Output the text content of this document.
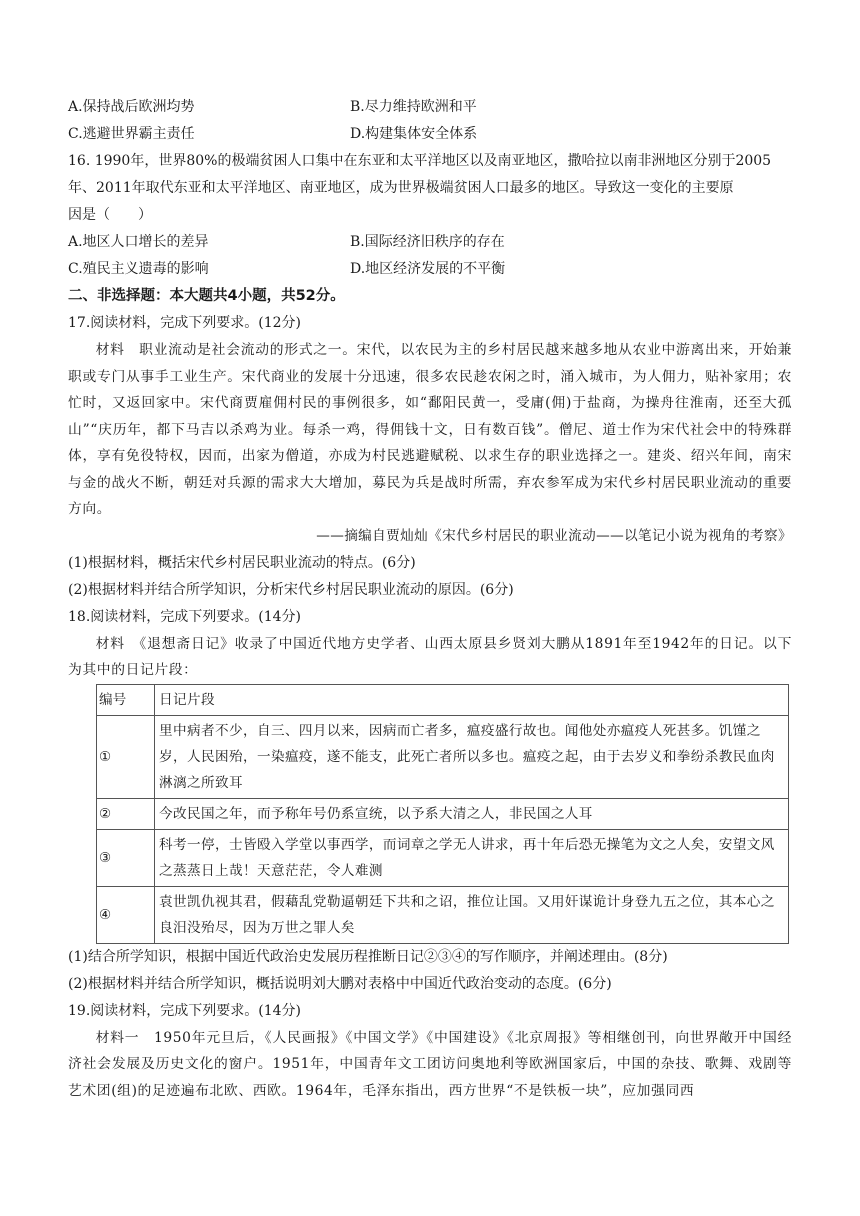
A.保持战后欧洲均势	B.尽力维持欧洲和平
C.逃避世界霸主责任	D.构建集体安全体系
16. 1990年，世界80%的极端贫困人口集中在东亚和太平洋地区以及南亚地区，撒哈拉以南非洲地区分别于2005
年、2011年取代东亚和太平洋地区、南亚地区，成为世界极端贫困人口最多的地区。导致这一变化的主要原
因是（　　）
A.地区人口增长的差异	B.国际经济旧秩序的存在
C.殖民主义遗毒的影响	D.地区经济发展的不平衡
二、非选择题：本大题共4小题，共52分。
17.阅读材料，完成下列要求。(12分)
材料　职业流动是社会流动的形式之一。宋代，以农民为主的乡村居民越来越多地从农业中游离出来，开始兼职或专门从事手工业生产。宋代商业的发展十分迅速，很多农民趁农闲之时，涌入城市，为人佣力，贴补家用；农忙时，又返回家中。宋代商贾雇佣村民的事例很多，如“鄱阳民黄一，受庸(佣)于盐商，为操舟往淮南，还至大孤山”“庆历年，都下马吉以杀鸡为业。每杀一鸡，得佣钱十文，日有数百钱”。僧尼、道士作为宋代社会中的特殊群体，享有免役特权，因而，出家为僧道，亦成为村民逃避赋税、以求生存的职业选择之一。建炎、绍兴年间，南宋与金的战火不断，朝廷对兵源的需求大大增加，募民为兵是战时所需，弃农参军成为宋代乡村居民职业流动的重要方向。
——摘编自贾灿灿《宋代乡村居民的职业流动——以笔记小说为视角的考察》
(1)根据材料，概括宋代乡村居民职业流动的特点。(6分)
(2)根据材料并结合所学知识，分析宋代乡村居民职业流动的原因。(6分)
18.阅读材料，完成下列要求。(14分)
材料　《退想斋日记》收录了中国近代地方史学者、山西太原县乡贤刘大鹏从1891年至1942年的日记。以下为其中的日记片段：
编号	日记片段
①	里中病者不少，自三、四月以来，因病而亡者多，瘟疫盛行故也。闻他处亦瘟疫人死甚多。饥馑之岁，人民困殆，一染瘟疫，遂不能支，此死亡者所以多也。瘟疫之起，由于去岁义和拳纷杀教民血肉淋漓之所致耳
②	今改民国之年，而予称年号仍系宣统，以予系大清之人，非民国之人耳
③	科考一停，士皆殴入学堂以事西学，而词章之学无人讲求，再十年后恐无操笔为文之人矣，安望文风之蒸蒸日上哉！天意茫茫，令人难测
④	袁世凯仇视其君，假藉乱党勒逼朝廷下共和之诏，推位让国。又用奸谋诡计身登九五之位，其本心之良汨没殆尽，因为万世之罪人矣
(1)结合所学知识，根据中国近代政治史发展历程推断日记②③④的写作顺序，并阐述理由。(8分)
(2)根据材料并结合所学知识，概括说明刘大鹏对表格中中国近代政治变动的态度。(6分)
19.阅读材料，完成下列要求。(14分)
材料一　1950年元旦后，《人民画报》《中国文学》《中国建设》《北京周报》等相继创刊，向世界敞开中国经济社会发展及历史文化的窗户。1951年，中国青年文工团访问奥地利等欧洲国家后，中国的杂技、歌舞、戏剧等艺术团(组)的足迹遍布北欧、西欧。1964年，毛泽东指出，西方世界“不是铁板一块”，应加强同西
